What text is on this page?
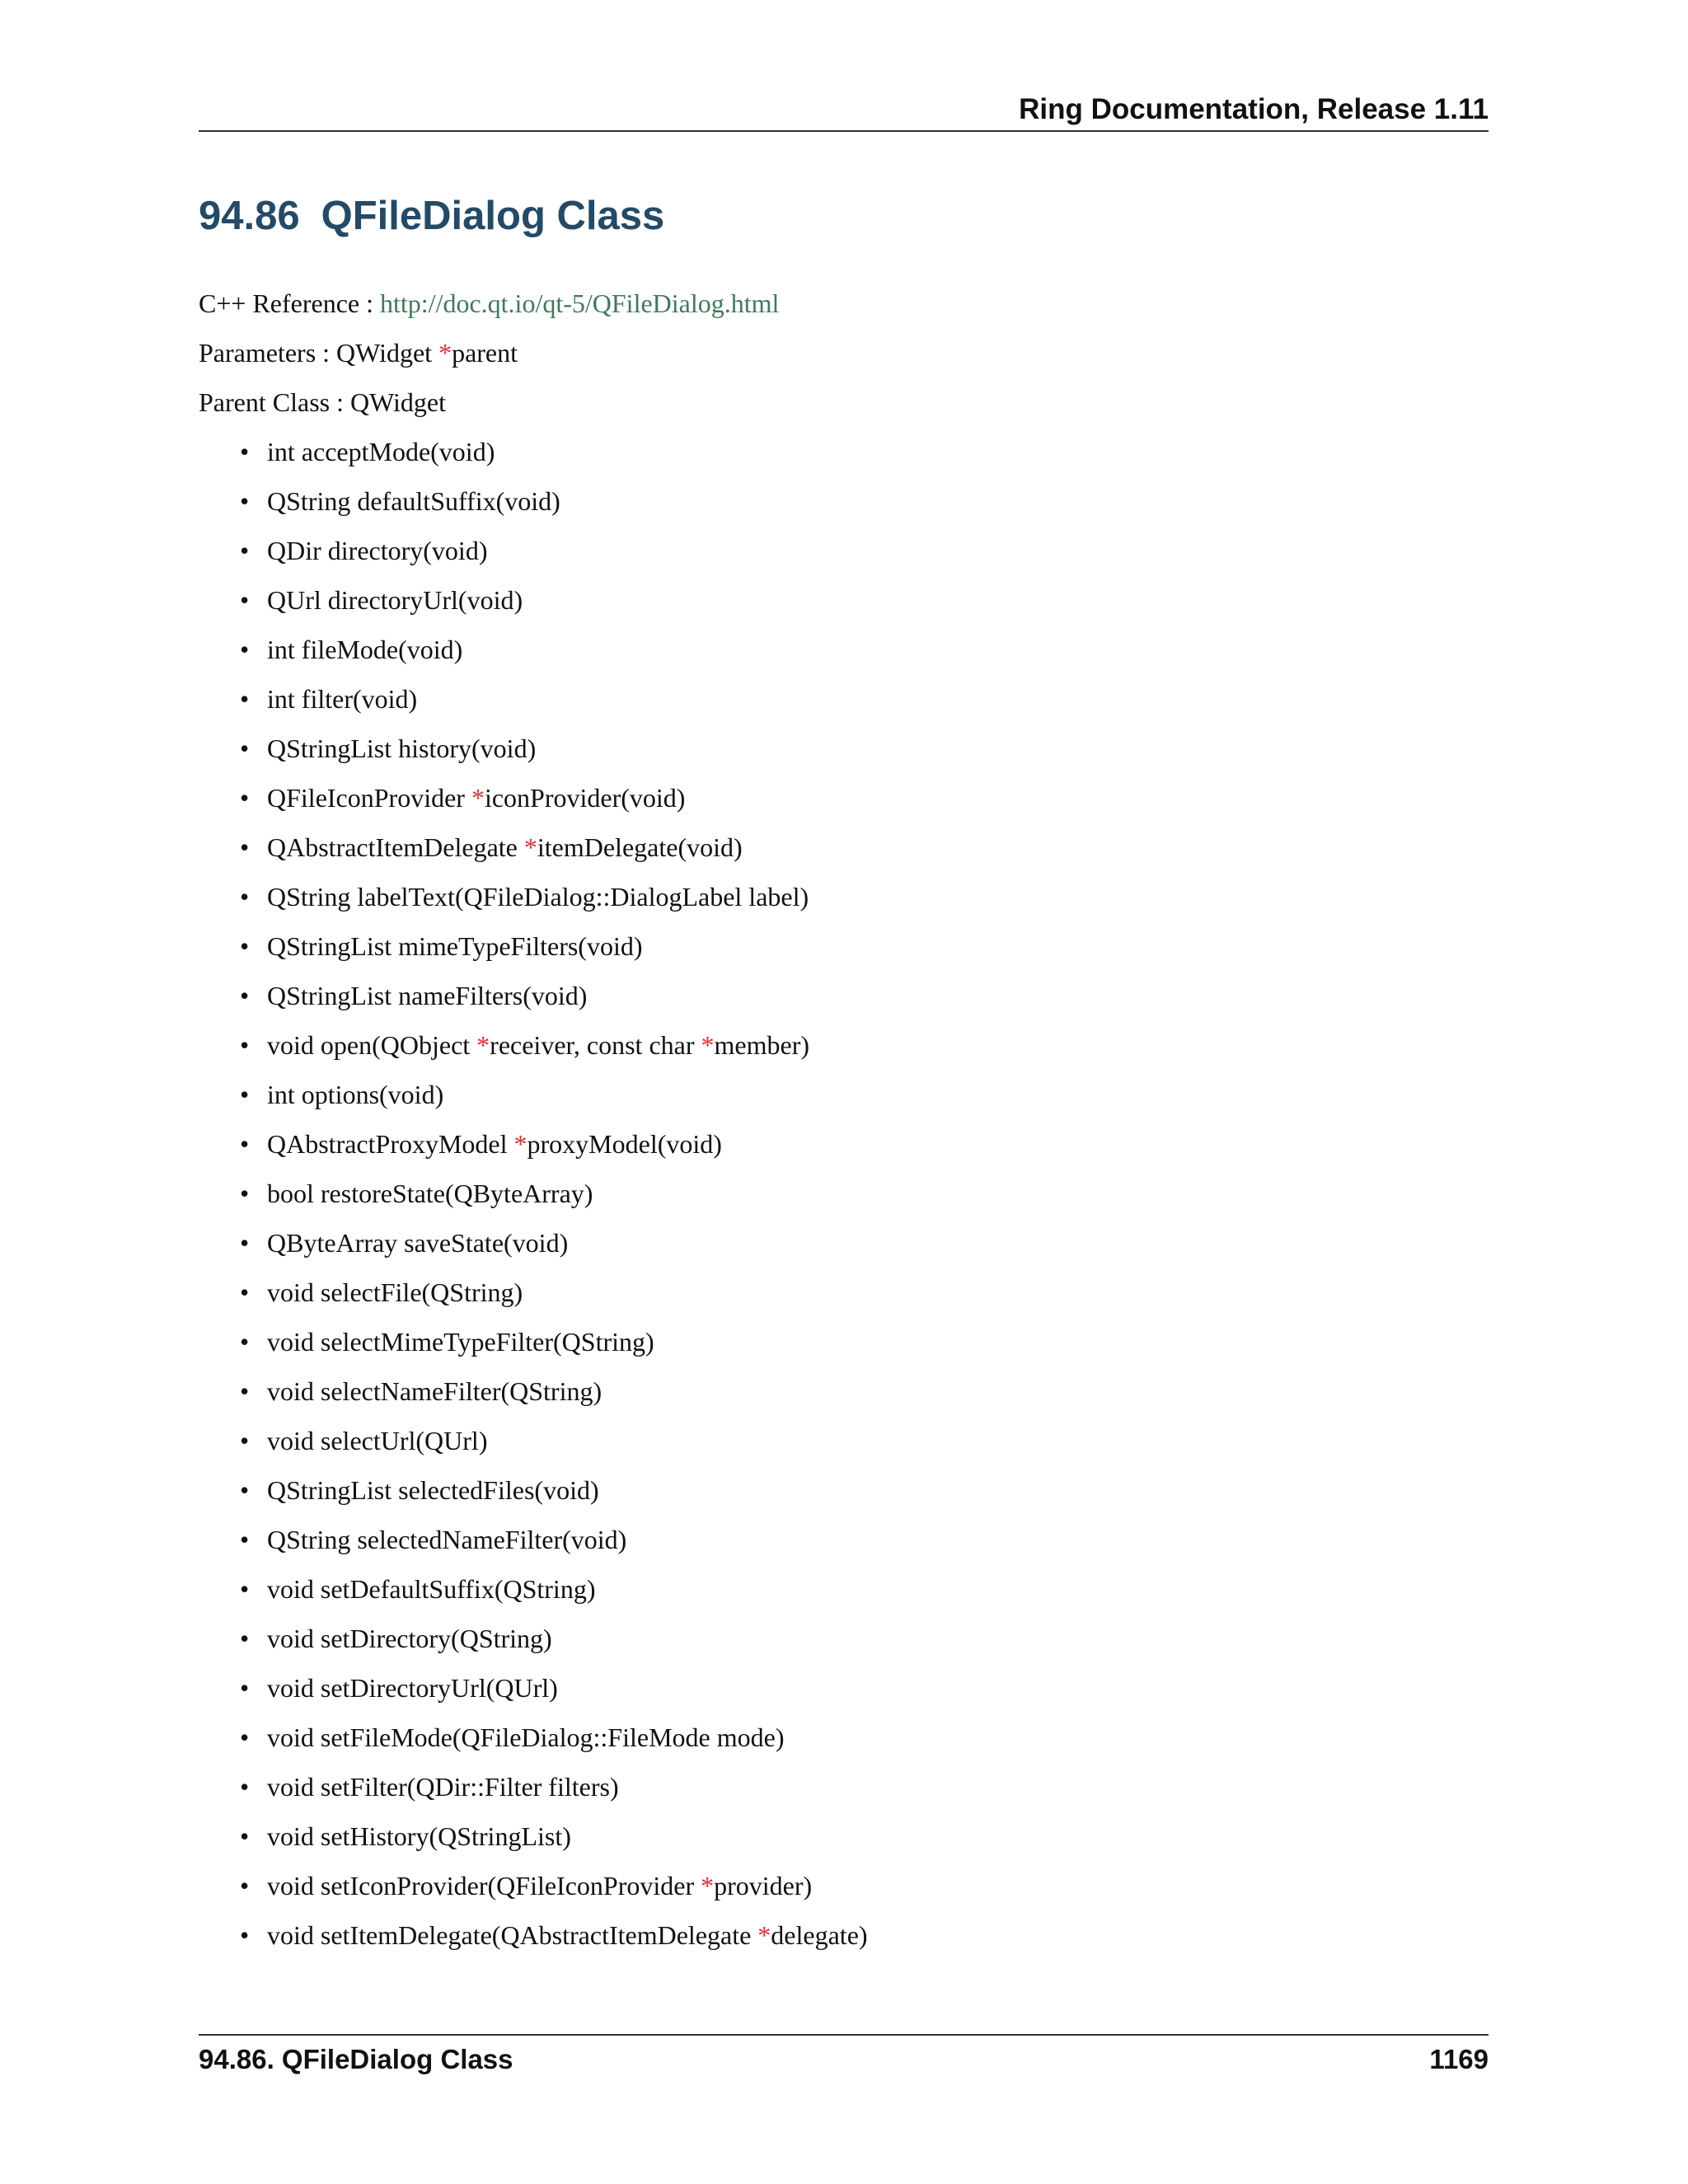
Ring Documentation, Release 1.11
94.86 QFileDialog Class
C++ Reference : http://doc.qt.io/qt-5/QFileDialog.html
Parameters : QWidget *parent
Parent Class : QWidget
• int acceptMode(void)
• QString defaultSuffix(void)
• QDir directory(void)
• QUrl directoryUrl(void)
• int fileMode(void)
• int filter(void)
• QStringList history(void)
• QFileIconProvider *iconProvider(void)
• QAbstractItemDelegate *itemDelegate(void)
• QString labelText(QFileDialog::DialogLabel label)
• QStringList mimeTypeFilters(void)
• QStringList nameFilters(void)
• void open(QObject *receiver, const char *member)
• int options(void)
• QAbstractProxyModel *proxyModel(void)
• bool restoreState(QByteArray)
• QByteArray saveState(void)
• void selectFile(QString)
• void selectMimeTypeFilter(QString)
• void selectNameFilter(QString)
• void selectUrl(QUrl)
• QStringList selectedFiles(void)
• QString selectedNameFilter(void)
• void setDefaultSuffix(QString)
• void setDirectory(QString)
• void setDirectoryUrl(QUrl)
• void setFileMode(QFileDialog::FileMode mode)
• void setFilter(QDir::Filter filters)
• void setHistory(QStringList)
• void setIconProvider(QFileIconProvider *provider)
• void setItemDelegate(QAbstractItemDelegate *delegate)
94.86. QFileDialog Class	1169
